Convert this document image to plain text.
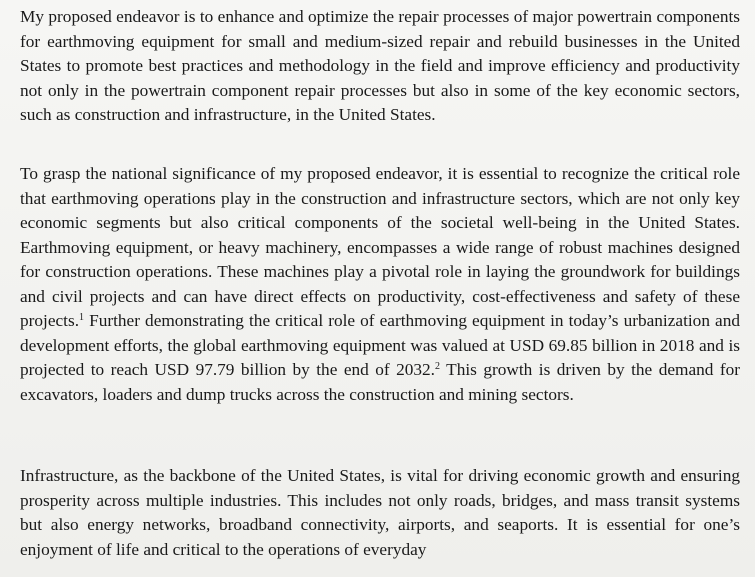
My proposed endeavor is to enhance and optimize the repair processes of major powertrain components for earthmoving equipment for small and medium-sized repair and rebuild businesses in the United States to promote best practices and methodology in the field and improve efficiency and productivity not only in the powertrain component repair processes but also in some of the key economic sectors, such as construction and infrastructure, in the United States.

To grasp the national significance of my proposed endeavor, it is essential to recognize the critical role that earthmoving operations play in the construction and infrastructure sectors, which are not only key economic segments but also critical components of the societal well-being in the United States. Earthmoving equipment, or heavy machinery, encompasses a wide range of robust machines designed for construction operations. These machines play a pivotal role in laying the groundwork for buildings and civil projects and can have direct effects on productivity, cost-effectiveness and safety of these projects.$^1$ Further demonstrating the critical role of earthmoving equipment in today’s urbanization and development efforts, the global earthmoving equipment was valued at USD 69.85 billion in 2018 and is projected to reach USD 97.79 billion by the end of 2032.$^2$ This growth is driven by the demand for excavators, loaders and dump trucks across the construction and mining sectors.

Infrastructure, as the backbone of the United States, is vital for driving economic growth and ensuring prosperity across multiple industries. This includes not only roads, bridges, and mass transit systems but also energy networks, broadband connectivity, airports, and seaports. It is essential for one’s enjoyment of life and critical to the operations of everyday
